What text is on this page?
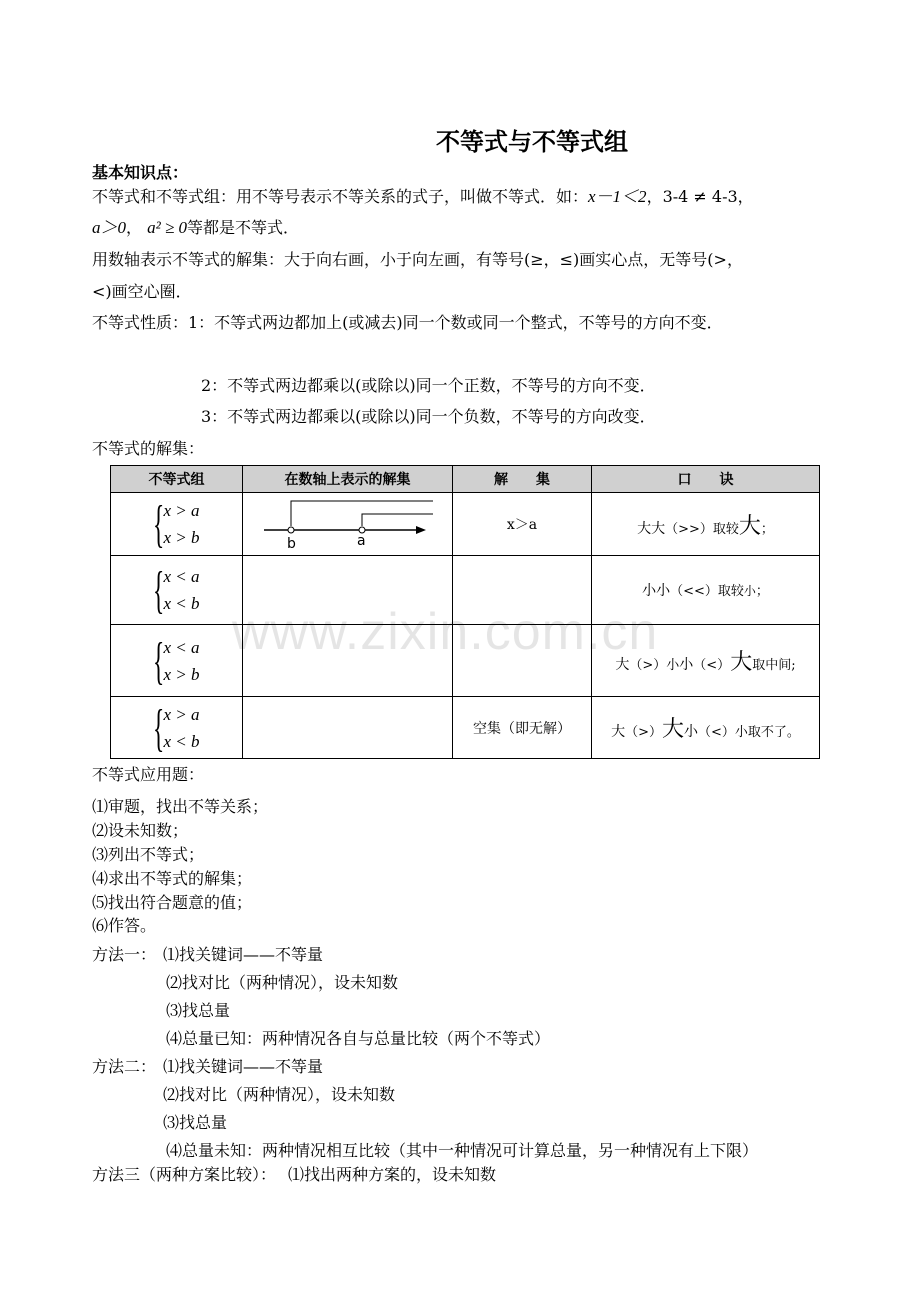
www.zixin.com.cn
不等式与不等式组
基本知识点：
不等式和不等式组：用不等号表示不等关系的式子，叫做不等式．如：x－1＜2，3-4 ≠ 4-3，
a＞0， a² ≥ 0等都是不等式．
用数轴表示不等式的解集：大于向右画，小于向左画，有等号(≥，≤)画实心点，无等号(>，
<)画空心圈．
不等式性质：1：不等式两边都加上(或减去)同一个数或同一个整式，不等号的方向不变．
2：不等式两边都乘以(或除以)同一个正数，不等号的方向不变．
3：不等式两边都乘以(或除以)同一个负数，不等号的方向改变．
不等式的解集：
不等式组	在数轴上表示的解集	解　　集	口　　诀

{
x > a
x > b	b a	x＞a	大大（>>）取较大；

{
x < a
x < b			小小（<<）取较小；

{
x < a
x > b			大（>）小小（<）大取中间;

{
x > a
x < b		空集（即无解）	大（>）大小（<）小取不了。
不等式应用题：
⑴审题，找出不等关系；
⑵设未知数；
⑶列出不等式；
⑷求出不等式的解集；
⑸找出符合题意的值；
⑹作答。
方法一： ⑴找关键词——不等量
⑵找对比（两种情况），设未知数
⑶找总量
⑷总量已知：两种情况各自与总量比较（两个不等式）
方法二： ⑴找关键词——不等量
⑵找对比（两种情况），设未知数
⑶找总量
⑷总量未知：两种情况相互比较（其中一种情况可计算总量，另一种情况有上下限）
方法三（两种方案比较）： ⑴找出两种方案的，设未知数
